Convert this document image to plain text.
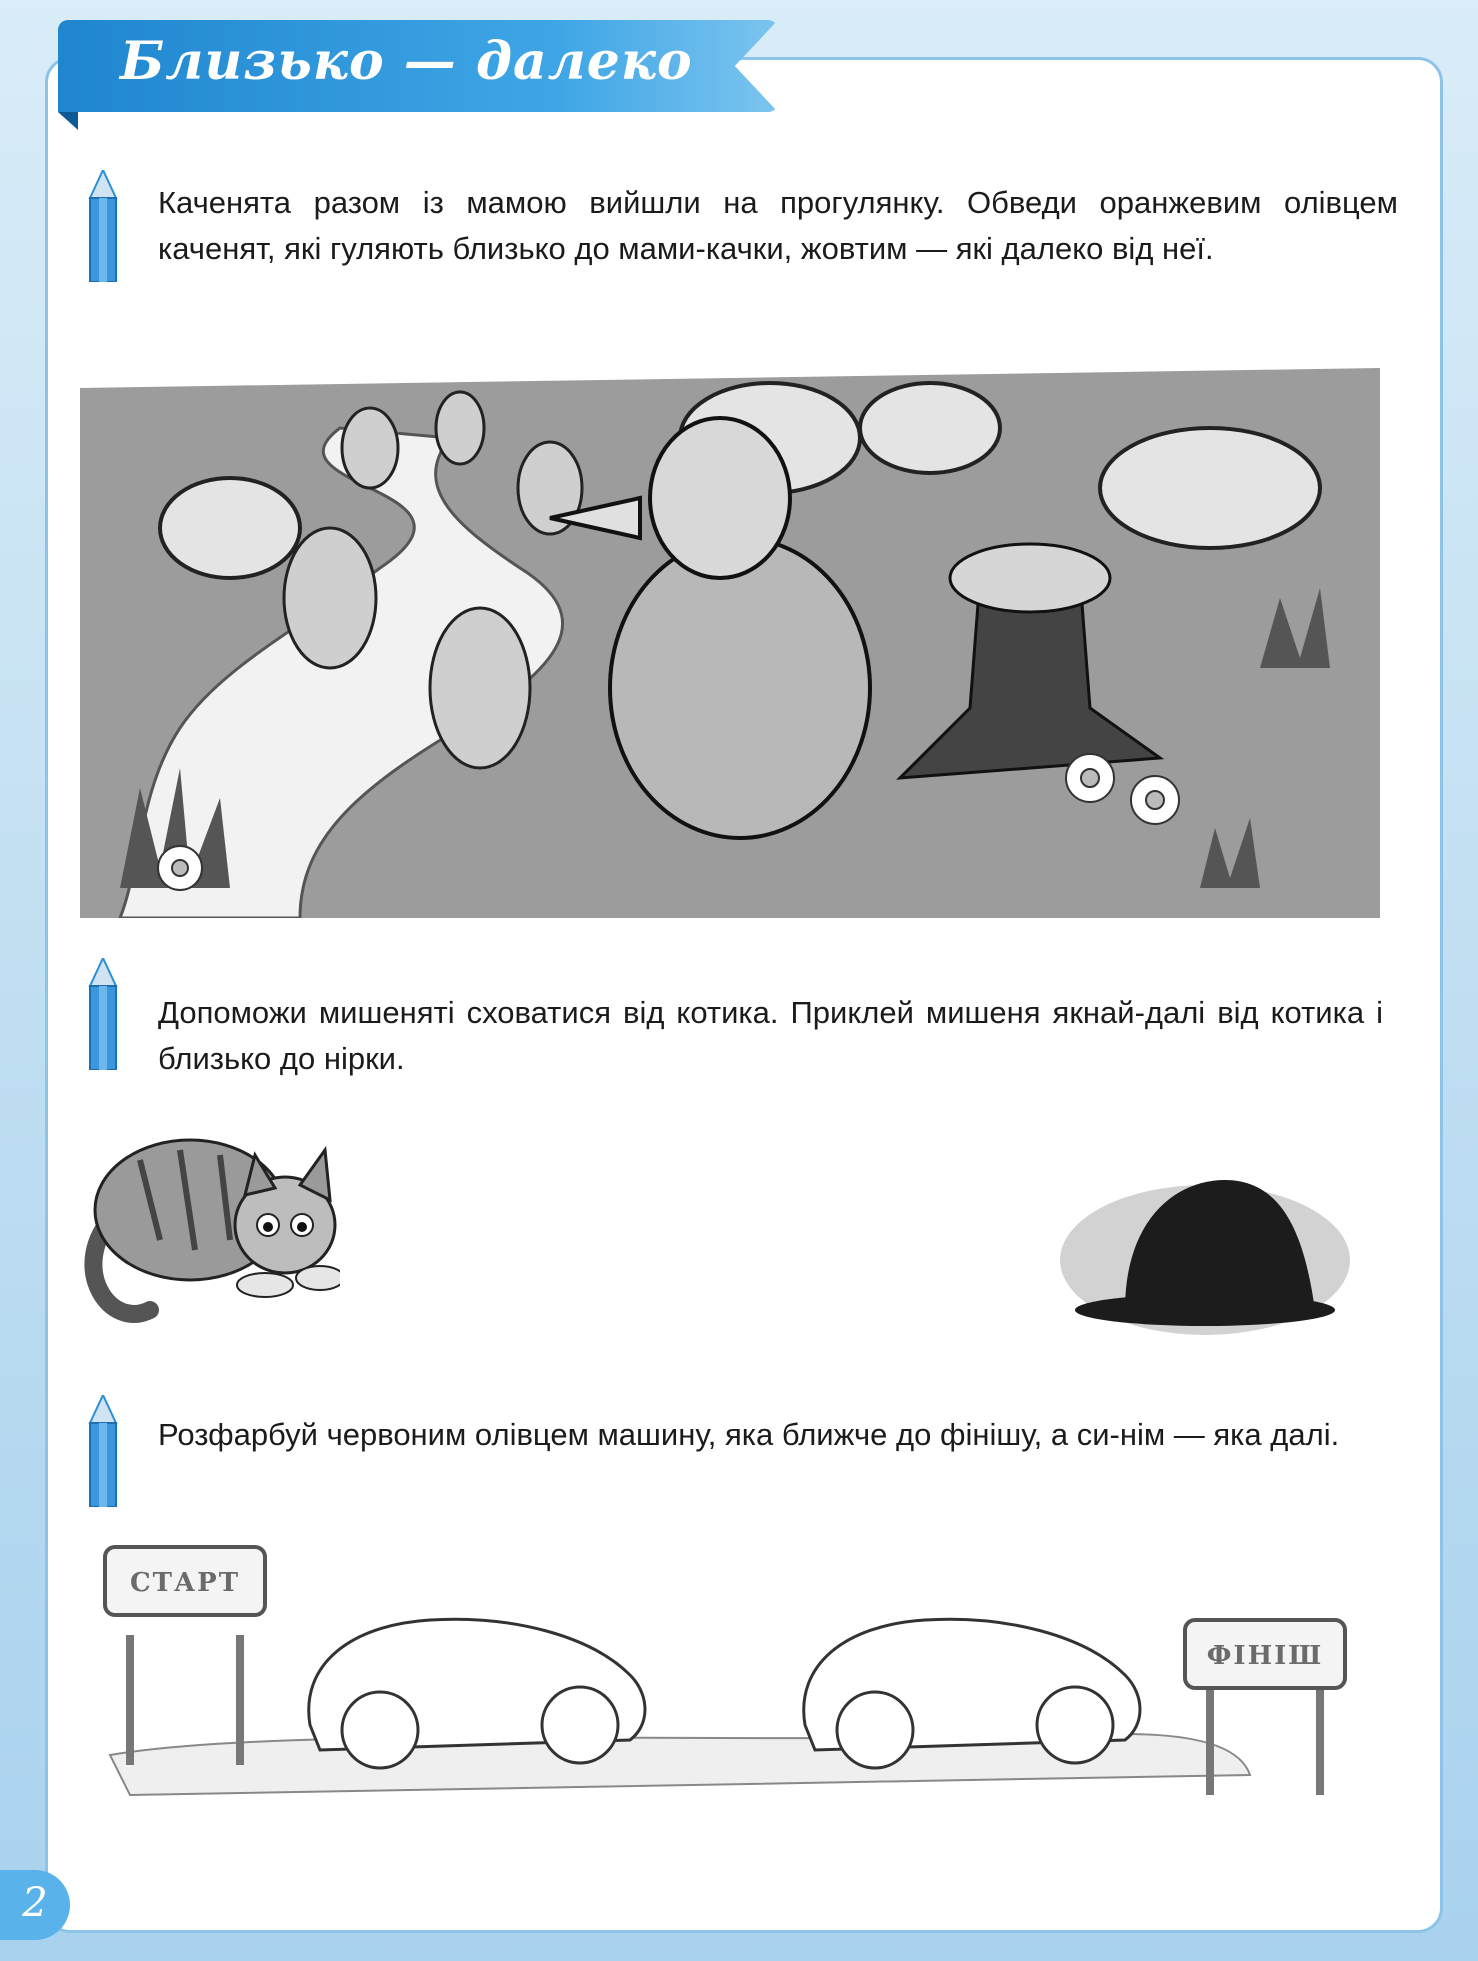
Близько — далеко

Каченята разом із мамою вийшли на прогулянку. Обведи оранжевим олівцем каченят, які гуляють близько до мами-качки, жовтим — які далеко від неї.

Допоможи мишеняті сховатися від котика. Приклей мишеня якнай-далі від котика і близько до нірки.

Розфарбуй червоним олівцем машину, яка ближче до фінішу, а си-нім — яка далі.

СТАРТ
ФІНІШ
2
